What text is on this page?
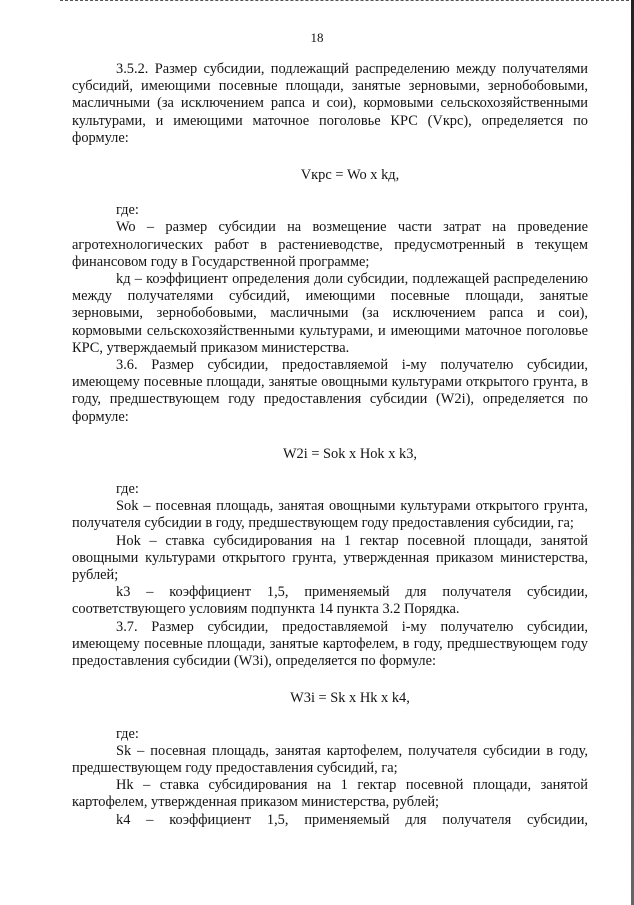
18

3.5.2. Размер субсидии, подлежащий распределению между получателями субсидий, имеющими посевные площади, занятые зерновыми, зернобобовыми, масличными (за исключением рапса и сои), кормовыми сельскохозяйственными культурами, и имеющими маточное поголовье КРС (Vкрс), определяется по формуле:

Vкрс = Wo x kд,

где:

Wo – размер субсидии на возмещение части затрат на проведение агротехнологических работ в растениеводстве, предусмотренный в текущем финансовом году в Государственной программе;

kд – коэффициент определения доли субсидии, подлежащей распределению между получателями субсидий, имеющими посевные площади, занятые зерновыми, зернобобовыми, масличными (за исключением рапса и сои), кормовыми сельскохозяйственными культурами, и имеющими маточное поголовье КРС, утверждаемый приказом министерства.

3.6. Размер субсидии, предоставляемой i-му получателю субсидии, имеющему посевные площади, занятые овощными культурами открытого грунта, в году, предшествующем году предоставления субсидии (W2i), определяется по формуле:

W2i = Sok x Hok x k3,

где:

Sok – посевная площадь, занятая овощными культурами открытого грунта, получателя субсидии в году, предшествующем году предоставления субсидии, га;

Hok – ставка субсидирования на 1 гектар посевной площади, занятой овощными культурами открытого грунта, утвержденная приказом министерства, рублей;

k3 – коэффициент 1,5, применяемый для получателя субсидии, соответствующего условиям подпункта 14 пункта 3.2 Порядка.

3.7. Размер субсидии, предоставляемой i-му получателю субсидии, имеющему посевные площади, занятые картофелем, в году, предшествующем году предоставления субсидии (W3i), определяется по формуле:

W3i = Sk x Hk x k4,

где:

Sk – посевная площадь, занятая картофелем, получателя субсидии в году, предшествующем году предоставления субсидий, га;

Hk – ставка субсидирования на 1 гектар посевной площади, занятой картофелем, утвержденная приказом министерства, рублей;

k4 – коэффициент 1,5, применяемый для получателя субсидии,
